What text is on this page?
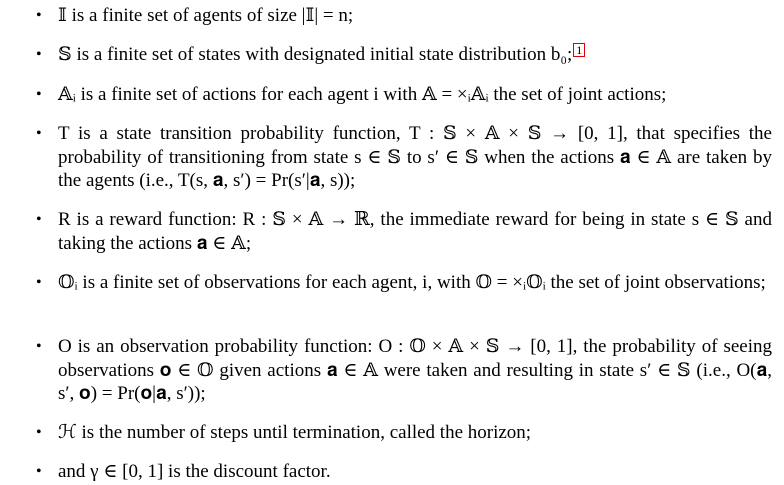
• 𝕀 is a finite set of agents of size |𝕀| = n;
• 𝕊 is a finite set of states with designated initial state distribution b₀; 1
• 𝔸ᵢ is a finite set of actions for each agent i with 𝔸 = ×ᵢ𝔸ᵢ the set of joint actions;
• T is a state transition probability function, T : 𝕊 × 𝔸 × 𝕊 → [0, 1], that specifies the probability of transitioning from state s ∈ 𝕊 to s′ ∈ 𝕊 when the actions 𝐚 ∈ 𝔸 are taken by the agents (i.e., T(s, 𝐚, s′) = Pr(s′|𝐚, s));
• R is a reward function: R : 𝕊 × 𝔸 → ℝ, the immediate reward for being in state s ∈ 𝕊 and taking the actions 𝐚 ∈ 𝔸;
• 𝕆ᵢ is a finite set of observations for each agent, i, with 𝕆 = ×ᵢ𝕆ᵢ the set of joint observations;
• O is an observation probability function: O : 𝕆 × 𝔸 × 𝕊 → [0, 1], the probability of seeing observations 𝐨 ∈ 𝕆 given actions 𝐚 ∈ 𝔸 were taken and resulting in state s′ ∈ 𝕊 (i.e., O(𝐚, s′, 𝐨) = Pr(𝐨|𝐚, s′));
• ℋ is the number of steps until termination, called the horizon;
• and γ ∈ [0, 1] is the discount factor.
